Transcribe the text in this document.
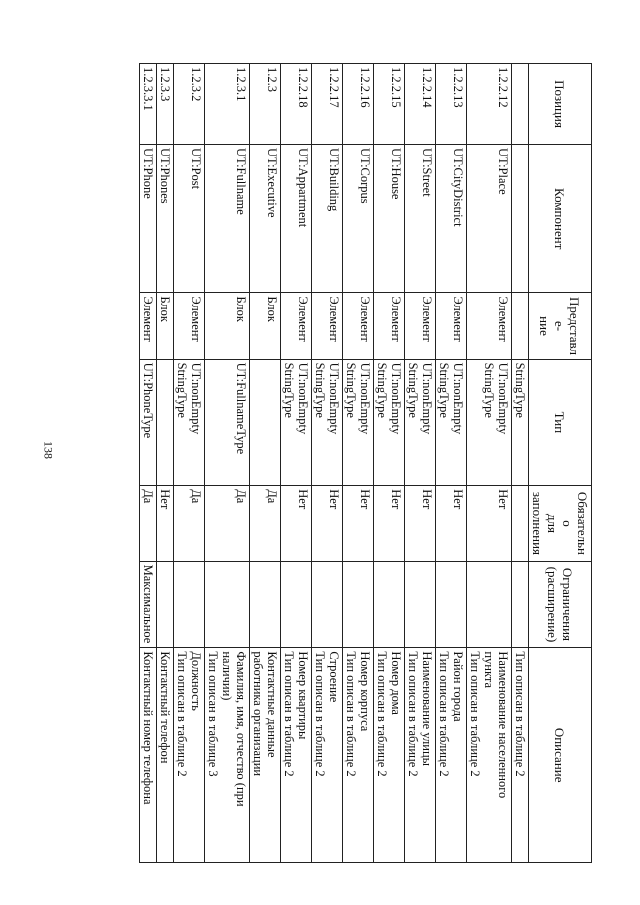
138
Позиция	Компонент	Представле-
ние	Тип	Обязательно
для
заполнения	Ограничения
(расширение)	Описание
			StringType			Тип описан в таблице 2
1.2.2.12	UT:Place	Элемент	UT:nonEmpty
StringType	Нет		Наименование населенного
пункта
Тип описан в таблице 2
1.2.2.13	UT:CityDistrict	Элемент	UT:nonEmpty
StringType	Нет		Район города
Тип описан в таблице 2
1.2.2.14	UT:Street	Элемент	UT:nonEmpty
StringType	Нет		Наименование улицы
Тип описан в таблице 2
1.2.2.15	UT:House	Элемент	UT:nonEmpty
StringType	Нет		Номер дома
Тип описан в таблице 2
1.2.2.16	UT:Corpus	Элемент	UT:nonEmpty
StringType	Нет		Номер корпуса
Тип описан в таблице 2
1.2.2.17	UT:Building	Элемент	UT:nonEmpty
StringType	Нет		Строение
Тип описан в таблице 2
1.2.2.18	UT:Appartment	Элемент	UT:nonEmpty
StringType	Нет		Номер квартиры
Тип описан в таблице 2
1.2.3	UT:Executive	Блок		Да		Контактные данные
работника организации
1.2.3.1	UT:Fullname	Блок	UT:FullnameType	Да		Фамилия, имя, отчество (при
наличии)
Тип описан в таблице 3
1.2.3.2	UT:Post	Элемент	UT:nonEmpty
StringType	Да		Должность
Тип описан в таблице 2
1.2.3.3	UT:Phones	Блок		Нет		Контактный телефон
1.2.3.3.1	UT:Phone	Элемент	UT:PhoneType	Да	Максимальное	Контактный номер телефона
